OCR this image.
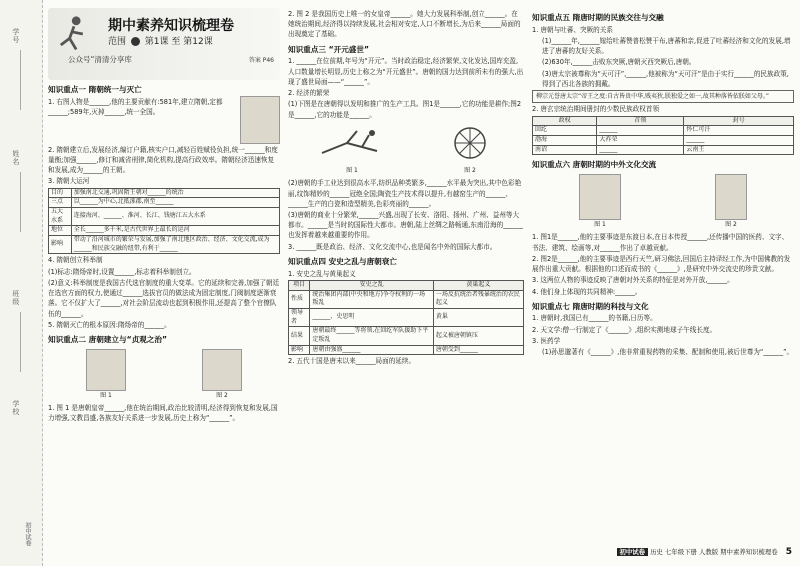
学号
姓名
班级
学校
初中试卷
期中素养知识梳理卷
范围 第1课 至 第12课
公众号“清清分享库	答案 P46
知识重点一 隋朝统一与灭亡
1. 右图人物是______,他的主要贡献有:581年,建立隋朝,定都______;589年,灭掉______,统一全国。
2. 隋朝建立后,发展经济,编订户籍,核实户口,减轻百姓赋役负担,统一______和度量衡;加强______,修订和减省刑律,简化机构,提高行政效率。隋朝经济迅速恢复和发展,成为______的王朝。
3. 隋朝大运河
目的	加强南北交通,巩固隋王朝对______的统治
三点	以______为中心,北抵涿郡,南至______
五大水系	连接海河、______、淮河、长江、钱塘江五大水系
地位	全长______多千米,是古代世界上最长的运河
影响	带动了沿河城市的繁荣与发展,加强了南北地区政治、经济、文化交流,成为______和民族交融的纽带,有利于______
4. 隋朝创立科举制
(1)标志:隋炀帝时,设置______,标志着科举制创立。
(2)意义:科举制度是我国古代选官制度的重大变革。它的延续和完善,加强了朝廷在选官方面的权力,使通过______选拔官员的做法成为固定制度,门阀制度逐渐衰落。它不仅扩大了______,对社会阶层流动也起到积极作用,还提高了整个官僚队伍的______。
5. 隋朝灭亡的根本原因:隋炀帝的______。
知识重点二 唐朝建立与“贞观之治”
图 1	图 2
1. 图 1 是唐朝皇帝______,他在统治期间,政治比较清明,经济得到恢复和发展,国力增强,文教昌盛,各族友好关系进一步发展,历史上称为“______”。
2. 图 2 是我国历史上唯一的女皇帝______。她大力发展科举制,创立______。在她统治期间,经济得以持续发展,社会相对安定,人口不断增长,为后来______局面的出现奠定了基础。
知识重点三 “开元盛世”
1. ______在位前期,年号为“开元”。当时政治稳定,经济繁荣,文化发达,国库充盈,人口数量增长明显,历史上称之为“开元盛世”。唐朝的国力达到前所未有的强大,出现了盛世局面——“______”。
2. 经济的繁荣
(1)下图是在唐朝得以发明和推广的生产工具。图1是______,它的功能是耕作;图2是______,它的功能是______。
图 1	图 2
(2)唐朝的手工业达到很高水平,纺织品种类繁多,______水平最为突出,其中色彩艳丽,纹饰精妙的______冠绝全国;陶瓷生产技术得以提升,有越窑生产的______、______生产的白瓷和造型精美,色彩亮丽的______。
(3)唐朝的商业十分繁荣,______兴盛,出现了长安、洛阳、扬州、广州、益州等大都市。______是当时的国际性大都市。唐朝,陆上丝绸之路畅通,东南沿海的______也发挥着越来越重要的作用。
3. ______既是政治、经济、文化交流中心,也是闻名中外的国际大都市。
知识重点四 安史之乱与唐朝衰亡
1. 安史之乱与黄巢起义
项目	安史之乱	黄巢起义
性质	统治集团内部(中央和地方)争夺权利的一场叛乱	一场反抗统治者残暴统治的农民起义
领导者	______、史思明	黄巢
结果	唐朝最终______等将领,在回纥军队援助下平定叛乱	起义被唐朝镇压
影响	唐朝由强盛______	唐朝受到______
2. 五代十国是唐末以来______局面的延续。
知识重点五 隋唐时期的民族交往与交融
1. 唐朝与吐蕃、突厥的关系
(1)______年,______嫁给吐蕃赞普松赞干布,唐蕃和亲,促进了吐蕃经济和文化的发展,增进了唐蕃的友好关系。
(2)630年,______击败东突厥,唐朝灭西突厥后,唐朝。
(3)唐太宗被尊称为“天可汗”,______,他被称为“天可汗”是由于实行______的民族政策,得到了西北各族的拥戴。
柳宗元誉唐太宗“帝王之度:自古皆贵中华,贱夷狄,朕独爱之如一,故其种落皆依朕如父母。”
2. 唐玄宗统治期间册封的少数民族政权首领
政权	首领	封号
回纥	______	怀仁可汗
渤海	大祚荣	______
南诏	______	云南王
知识重点六 唐朝时期的中外文化交流
图 1	图 2
1. 图1是______,他的主要事迹是东渡日本,在日本传授______,还传播中国的医药、文字、书法、建筑、绘画等,对______作出了卓越贡献。
2. 图2是______,他的主要事迹是西行天竺,研习佛法,回国后主持译经工作,为中国佛教的发展作出重大贡献。根据他的口述而成书的《______》,是研究中外交流史的珍贵文献。
3. 这两位人物的事迹反映了唐朝对外关系的特征是对外开放,______。
4. 他们身上体现的共同精神:______。
知识重点七 隋唐时期的科技与文化
1. 唐朝时,我国已有______的书籍,日历等。
2. 天文学:僧一行制定了《______》,组织实测地球子午线长度。
3. 医药学
(1)孙思邈著有《______》,他非常重视药物的采集、配制和使用,被后世尊为“______”。
初中试卷 历史 七年级下册 人教版 期中素养知识梳理卷 5
